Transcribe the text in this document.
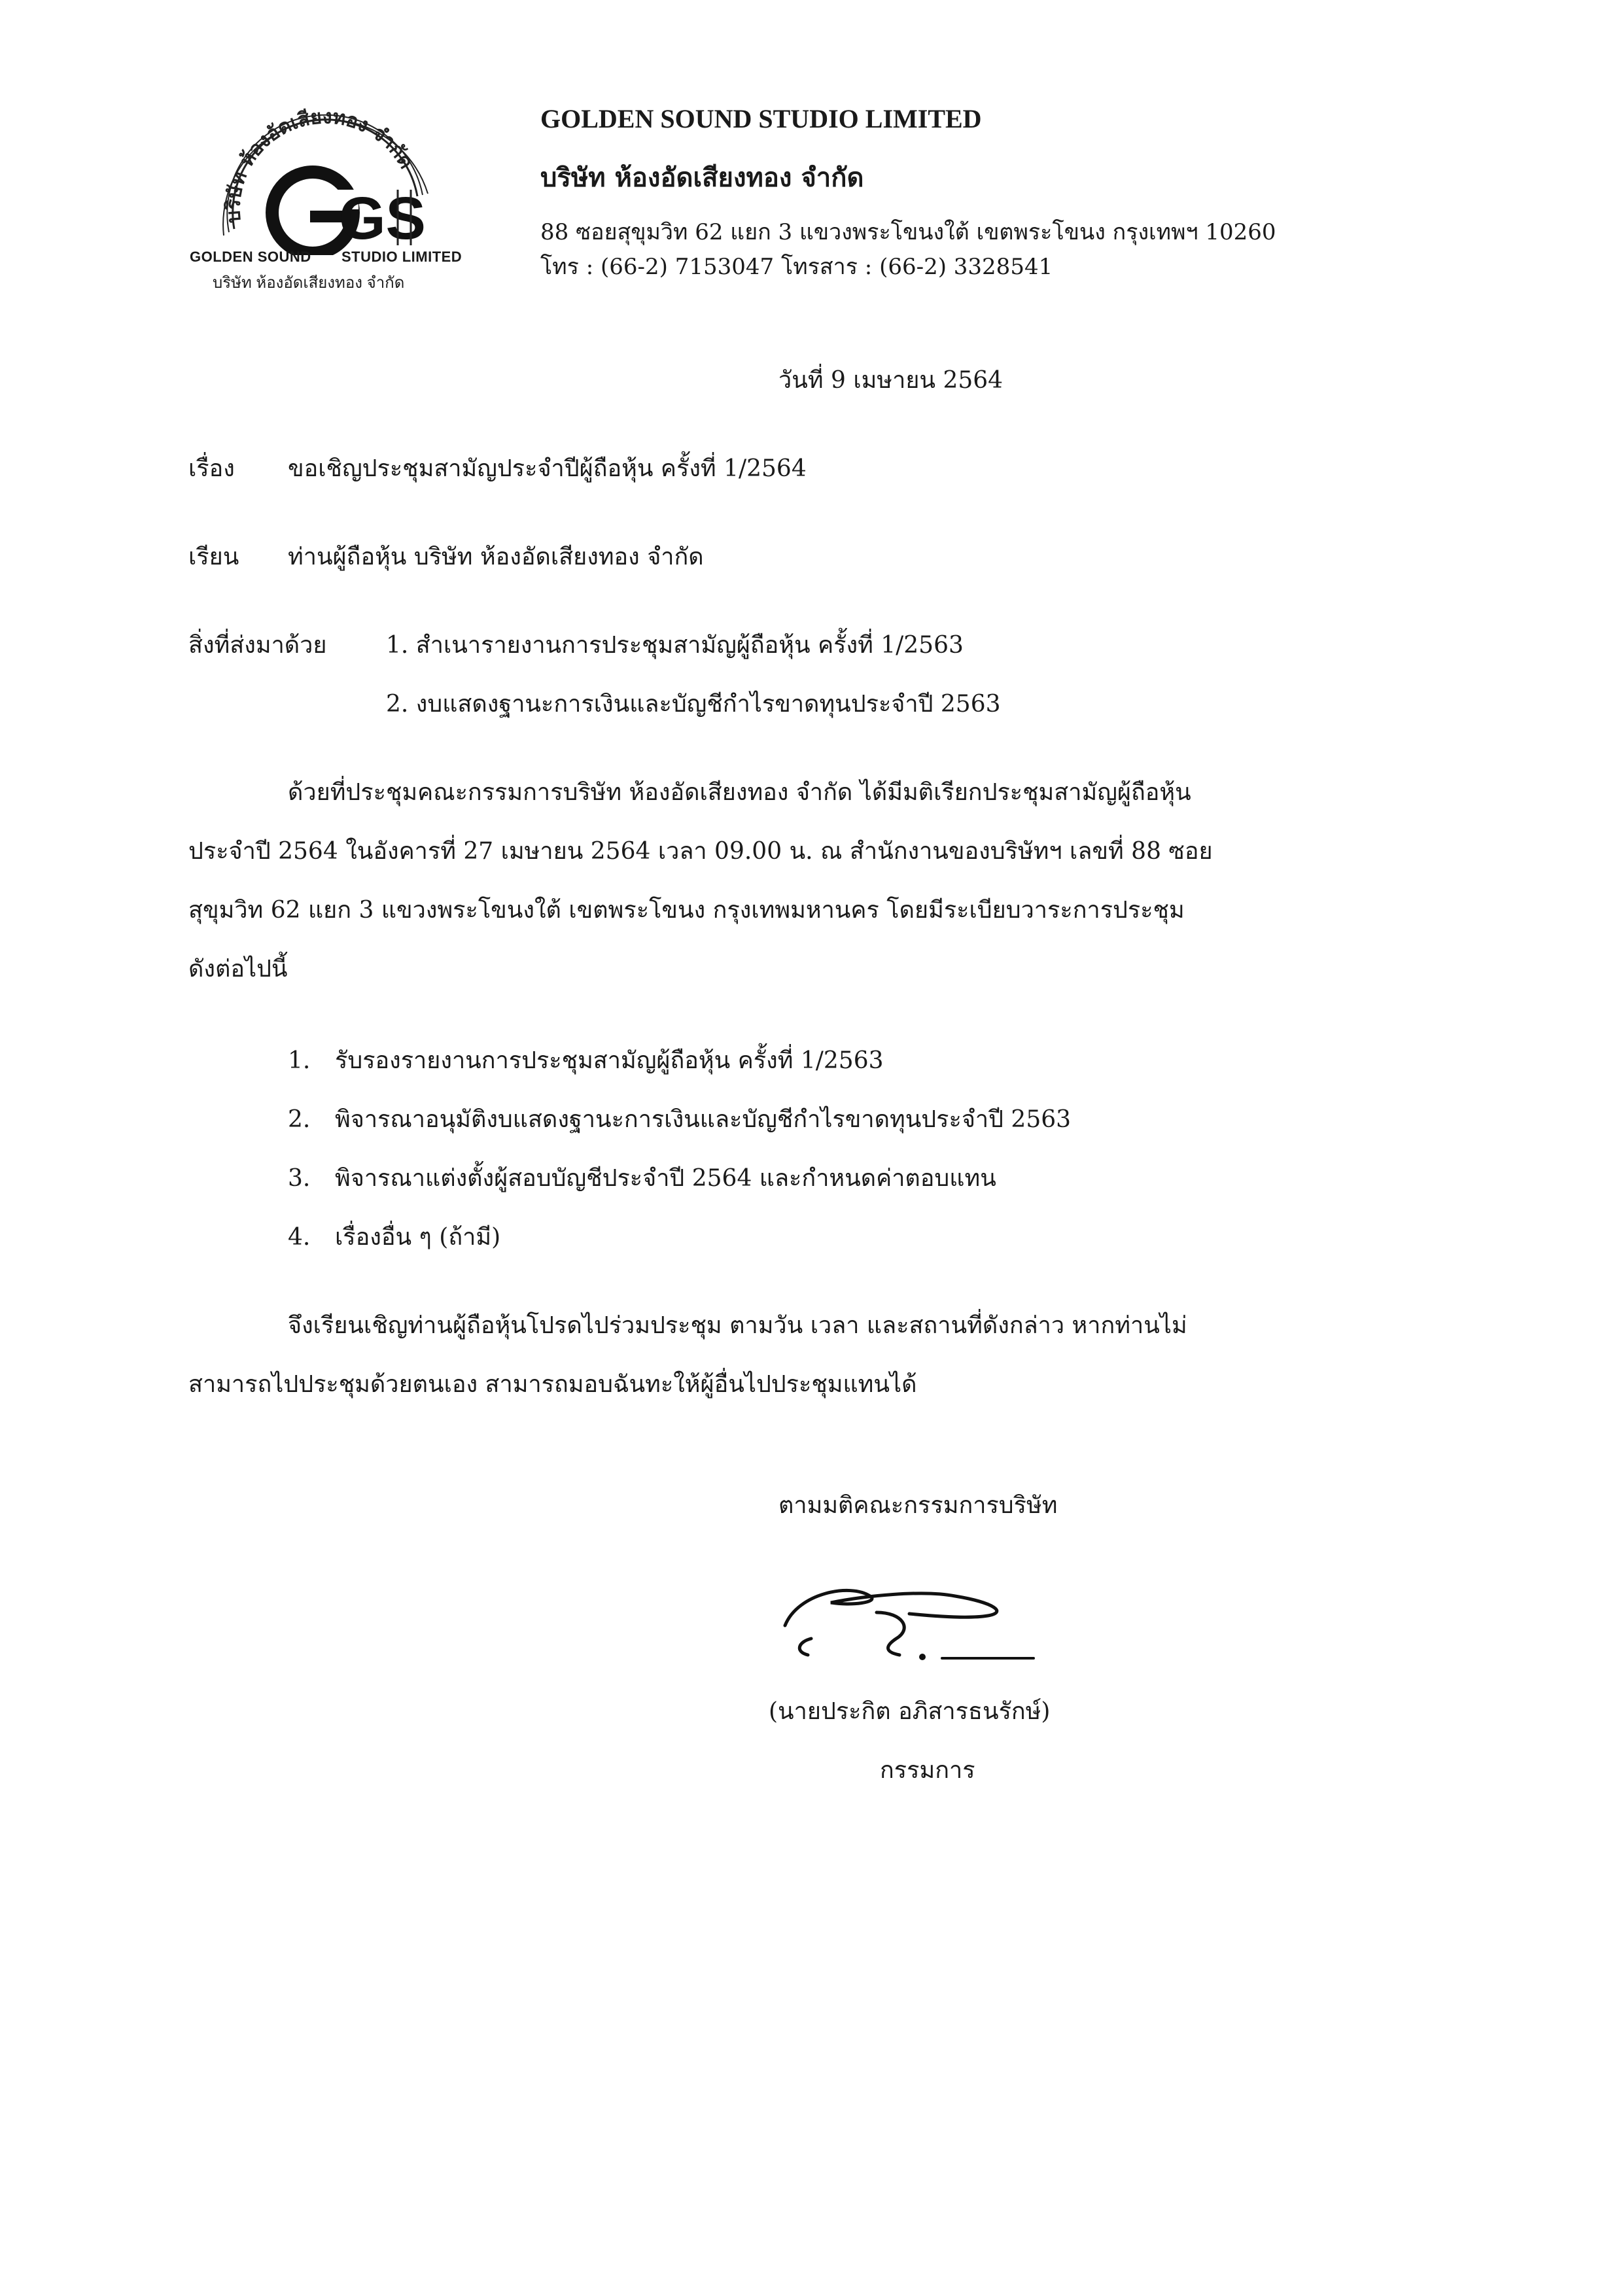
บริษัท ห้องอัดเสียงทอง จำกัด
GS
GOLDEN SOUND STUDIO LIMITED
บริษัท ห้องอัดเสียงทอง จำกัด
GOLDEN SOUND STUDIO LIMITED
บริษัท ห้องอัดเสียงทอง จำกัด
88 ซอยสุขุมวิท 62 แยก 3 แขวงพระโขนงใต้ เขตพระโขนง กรุงเทพฯ 10260
โทร : (66-2) 7153047 โทรสาร : (66-2) 3328541
วันที่ 9 เมษายน 2564
เรื่อง ขอเชิญประชุมสามัญประจำปีผู้ถือหุ้น ครั้งที่ 1/2564
เรียน ท่านผู้ถือหุ้น บริษัท ห้องอัดเสียงทอง จำกัด
สิ่งที่ส่งมาด้วย	1. สำเนารายงานการประชุมสามัญผู้ถือหุ้น ครั้งที่ 1/2563
2. งบแสดงฐานะการเงินและบัญชีกำไรขาดทุนประจำปี 2563
ด้วยที่ประชุมคณะกรรมการบริษัท ห้องอัดเสียงทอง จำกัด ได้มีมติเรียกประชุมสามัญผู้ถือหุ้น
ประจำปี 2564 ในอังคารที่ 27 เมษายน 2564 เวลา 09.00 น. ณ สำนักงานของบริษัทฯ เลขที่ 88 ซอย
สุขุมวิท 62 แยก 3 แขวงพระโขนงใต้ เขตพระโขนง กรุงเทพมหานคร โดยมีระเบียบวาระการประชุม
ดังต่อไปนี้
1. รับรองรายงานการประชุมสามัญผู้ถือหุ้น ครั้งที่ 1/2563
2. พิจารณาอนุมัติงบแสดงฐานะการเงินและบัญชีกำไรขาดทุนประจำปี 2563
3. พิจารณาแต่งตั้งผู้สอบบัญชีประจำปี 2564 และกำหนดค่าตอบแทน
4. เรื่องอื่น ๆ (ถ้ามี)
จึงเรียนเชิญท่านผู้ถือหุ้นโปรดไปร่วมประชุม ตามวัน เวลา และสถานที่ดังกล่าว หากท่านไม่
สามารถไปประชุมด้วยตนเอง สามารถมอบฉันทะให้ผู้อื่นไปประชุมแทนได้
ตามมติคณะกรรมการบริษัท
(นายประกิต อภิสารธนรักษ์)
กรรมการ
